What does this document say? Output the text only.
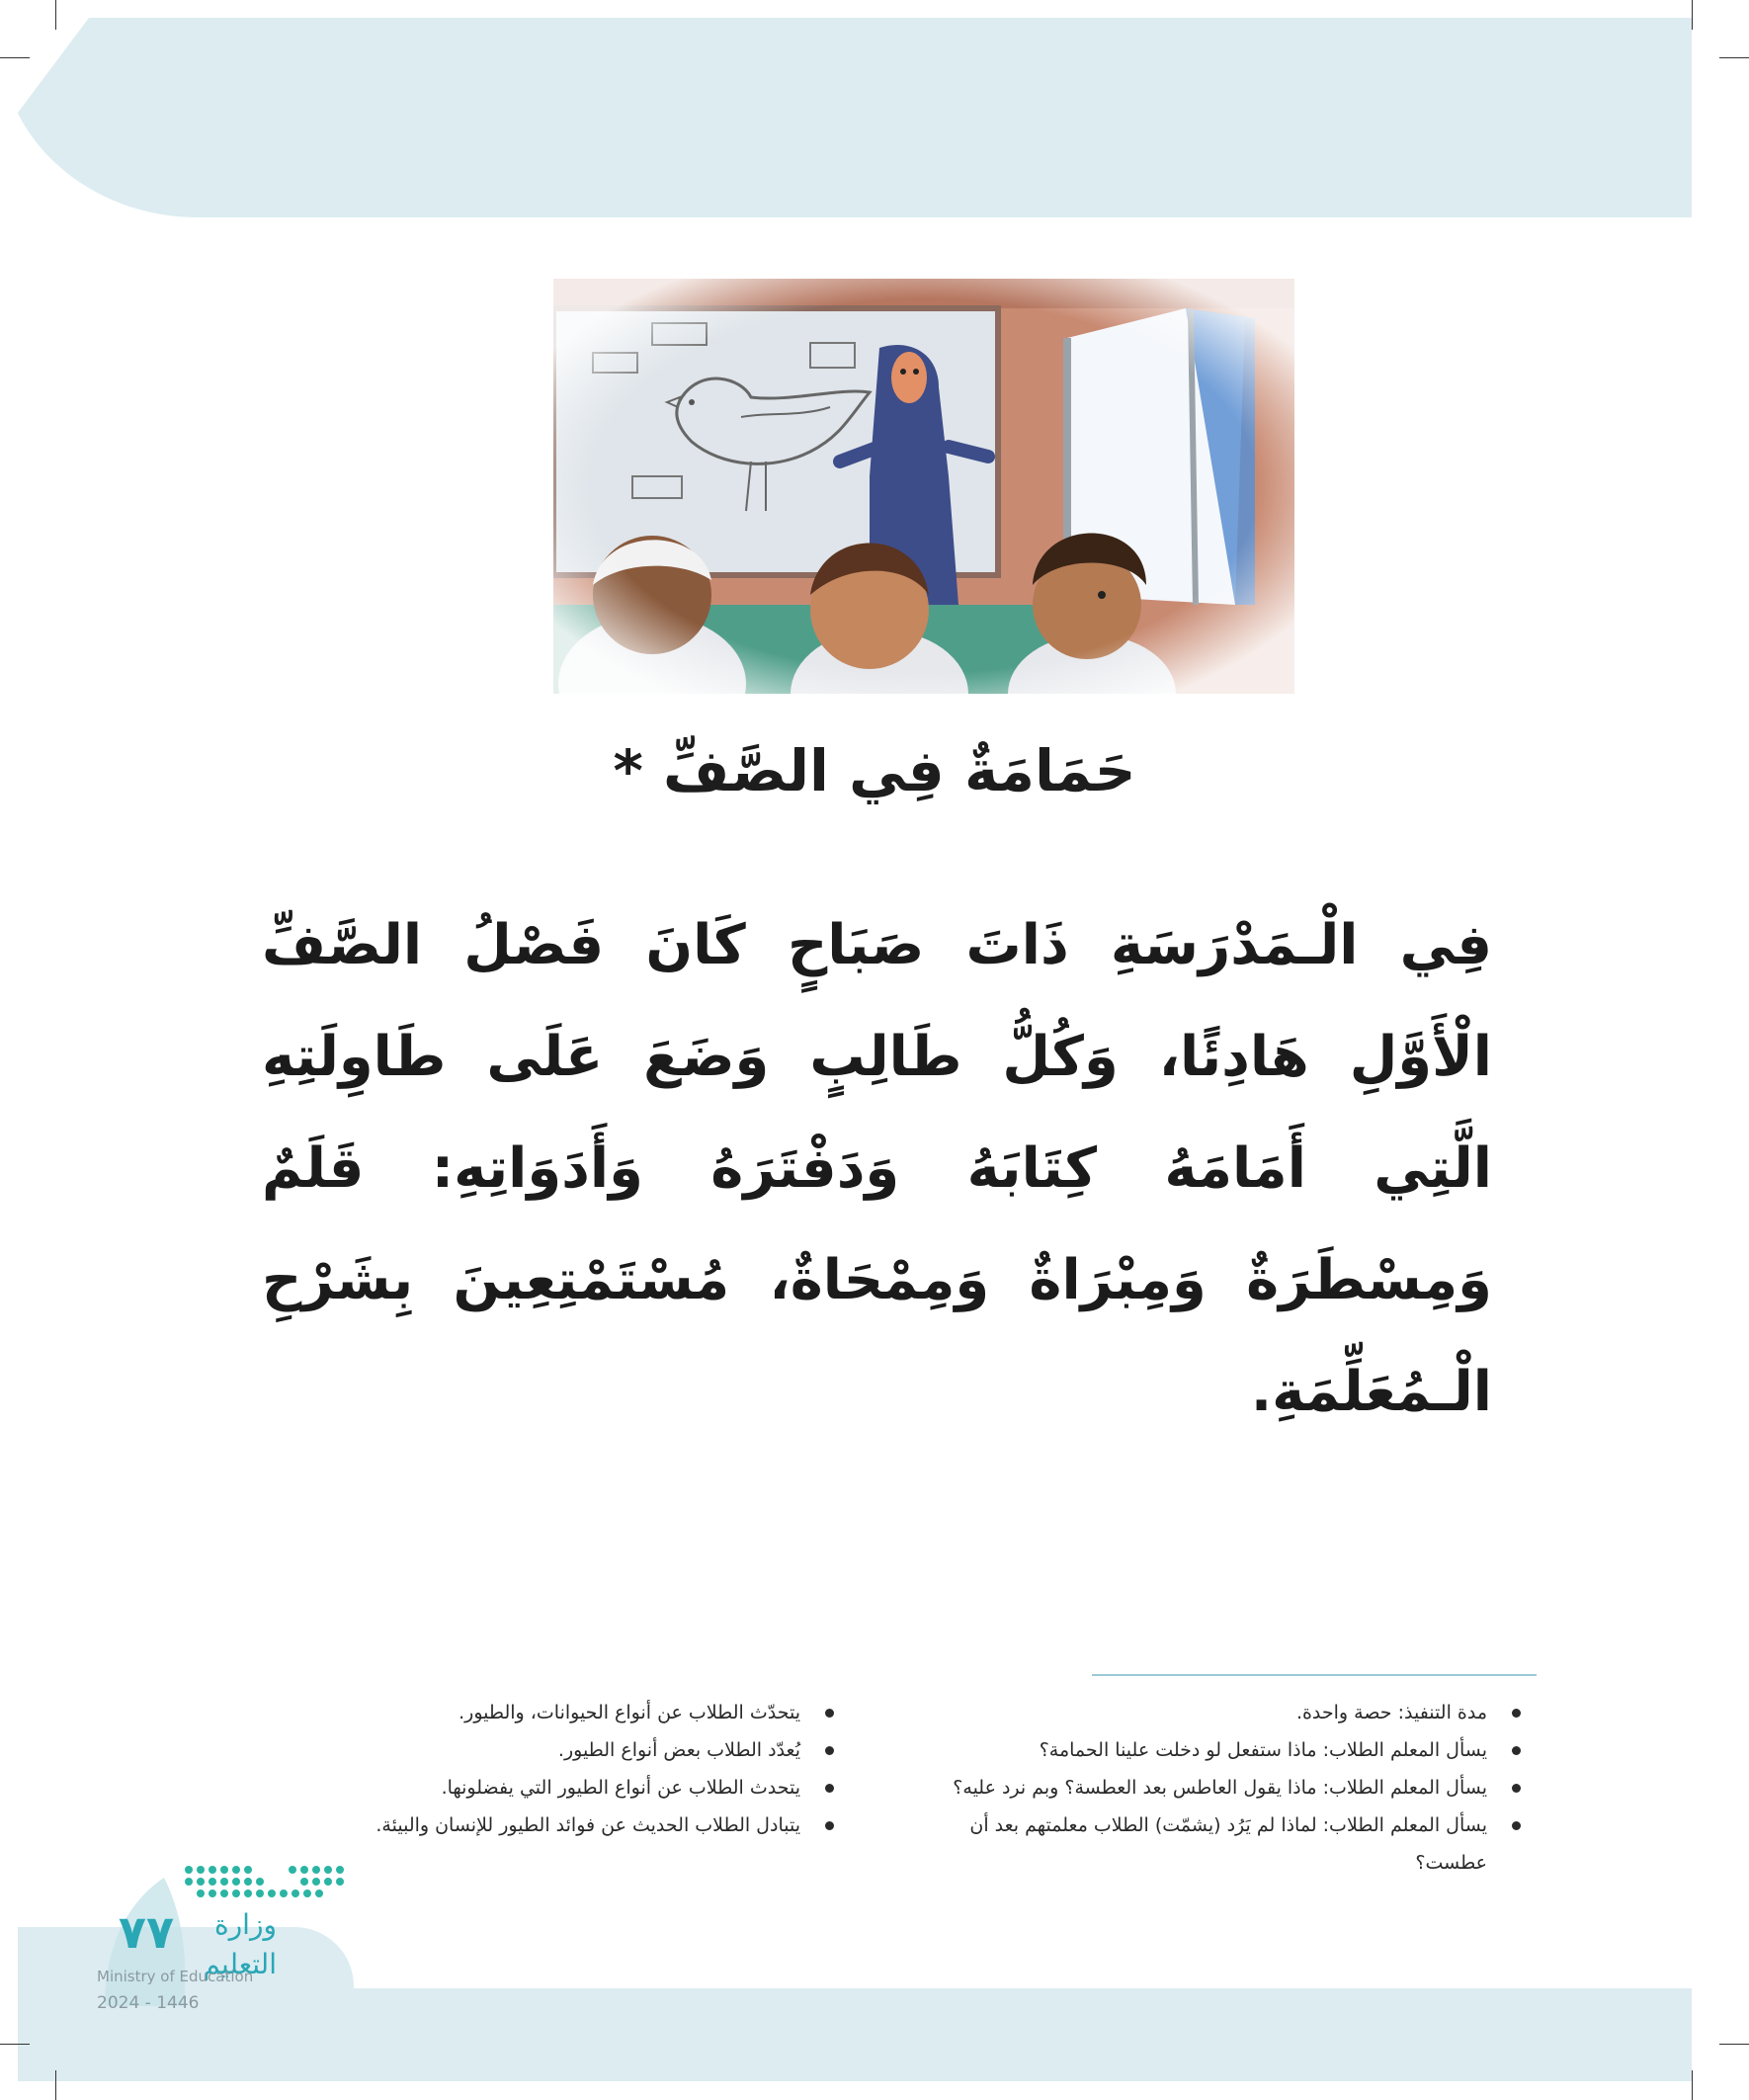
حَمَامَةٌ فِي الصَّفِّ *
فِي الْـمَدْرَسَةِ ذَاتَ صَبَاحٍ كَانَ فَصْلُ الصَّفِّ الْأَوَّلِ هَادِئًا، وَكُلُّ طَالِبٍ وَضَعَ عَلَى طَاوِلَتِهِ الَّتِي أَمَامَهُ كِتَابَهُ وَدَفْتَرَهُ وَأَدَوَاتِهِ: قَلَمٌ وَمِسْطَرَةٌ وَمِبْرَاةٌ وَمِمْحَاةٌ، مُسْتَمْتِعِينَ بِشَرْحِ الْـمُعَلِّمَةِ.
مدة التنفيذ: حصة واحدة.
يسأل المعلم الطلاب: ماذا ستفعل لو دخلت علينا الحمامة؟
يسأل المعلم الطلاب: ماذا يقول العاطس بعد العطسة؟ وبم نرد عليه؟
يسأل المعلم الطلاب: لماذا لم يَرُد (يشمّت) الطلاب معلمتهم بعد أن عطست؟
يتحدّث الطلاب عن أنواع الحيوانات، والطيور.
يُعدّد الطلاب بعض أنواع الطيور.
يتحدث الطلاب عن أنواع الطيور التي يفضلونها.
يتبادل الطلاب الحديث عن فوائد الطيور للإنسان والبيئة.
٧٧	وزارة التعليم
Ministry of Education
2024 - 1446
